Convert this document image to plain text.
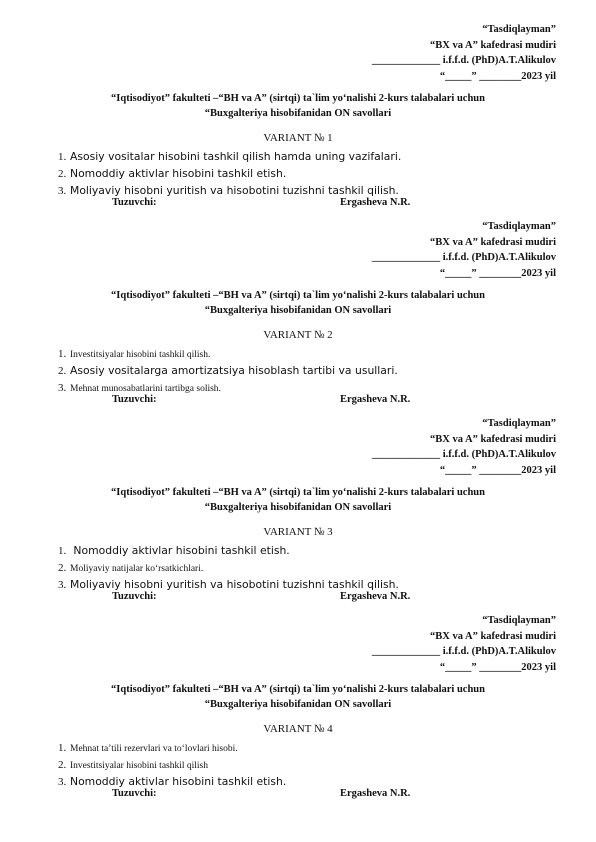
“Tasdiqlayman”
“BX va A” kafedrasi mudiri
_____________ i.f.f.d. (PhD)A.T.Alikulov
“_____” ________2023 yil
“Iqtisodiyot” fakulteti –“BH va A” (sirtqi) ta`lim yo‘nalishi 2-kurs talabalari uchun
“Buxgalteriya hisobifanidan ON savollari
VARIANT № 1
1. Asosiy vositalar hisobini tashkil qilish hamda uning vazifalari.
2. Nomoddiy aktivlar hisobini tashkil etish.
3. Moliyaviy hisobni yuritish va hisobotini tuzishni tashkil qilish.
Tuzuvchi:	Ergasheva N.R.
“Tasdiqlayman”
“BX va A” kafedrasi mudiri
_____________ i.f.f.d. (PhD)A.T.Alikulov
“_____” ________2023 yil
“Iqtisodiyot” fakulteti –“BH va A” (sirtqi) ta`lim yo‘nalishi 2-kurs talabalari uchun
“Buxgalteriya hisobifanidan ON savollari
VARIANT № 2
1. Investitsiyalar hisobini tashkil qilish.
2. Asosiy vositalarga amortizatsiya hisoblash tartibi va usullari.
3. Mehnat munosabatlarini tartibga solish.
Tuzuvchi:	Ergasheva N.R.
“Tasdiqlayman”
“BX va A” kafedrasi mudiri
_____________ i.f.f.d. (PhD)A.T.Alikulov
“_____” ________2023 yil
“Iqtisodiyot” fakulteti –“BH va A” (sirtqi) ta`lim yo‘nalishi 2-kurs talabalari uchun
“Buxgalteriya hisobifanidan ON savollari
VARIANT № 3
1. Nomoddiy aktivlar hisobini tashkil etish.
2. Moliyaviy natijalar ko‘rsatkichlari.
3. Moliyaviy hisobni yuritish va hisobotini tuzishni tashkil qilish.
Tuzuvchi:	Ergasheva N.R.
“Tasdiqlayman”
“BX va A” kafedrasi mudiri
_____________ i.f.f.d. (PhD)A.T.Alikulov
“_____” ________2023 yil
“Iqtisodiyot” fakulteti –“BH va A” (sirtqi) ta`lim yo‘nalishi 2-kurs talabalari uchun
“Buxgalteriya hisobifanidan ON savollari
VARIANT № 4
1. Mehnat ta’tili rezervlari va to‘lovlari hisobi.
2. Investitsiyalar hisobini tashkil qilish
3. Nomoddiy aktivlar hisobini tashkil etish.
Tuzuvchi:	Ergasheva N.R.
